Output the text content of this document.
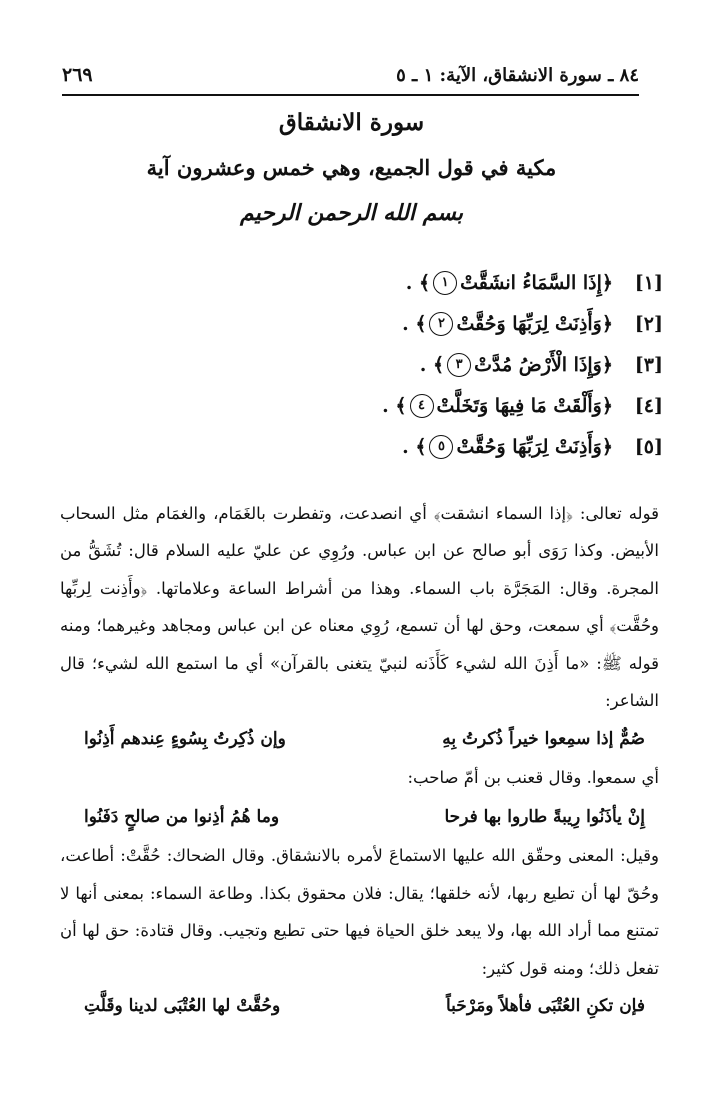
٨٤ ـ سورة الانشقاق، الآية: ١ ـ ٥
٢٦٩
سورة الانشقاق
مكية في قول الجميع، وهي خمس وعشرون آية
بسم الله الرحمن الرحيم
[١]
﴿إِذَا السَّمَاءُ انشَقَّتْ
١
﴾ .
[٢]
﴿وَأَذِنَتْ لِرَبِّهَا وَحُقَّتْ
٢
﴾ .
[٣]
﴿وَإِذَا الْأَرْضُ مُدَّتْ
٣
﴾ .
[٤]
﴿وَأَلْقَتْ مَا فِيهَا وَتَخَلَّتْ
٤
﴾ .
[٥]
﴿وَأَذِنَتْ لِرَبِّهَا وَحُقَّتْ
٥
﴾ .

قوله تعالى: ﴿إذا السماء انشقت﴾ أي انصدعت، وتفطرت بالغَمَام، والغمَام مثل السحاب الأبيض. وكذا رَوَى أبو صالح عن ابن عباس. ورُوِي عن عليّ عليه السلام قال: تُشَقُّ من المجرة. وقال: المَجَرَّة باب السماء. وهذا من أشراط الساعة وعلاماتها. ﴿وأَذِنت لِربِّها وحُقَّت﴾ أي سمعت، وحق لها أن تسمع، رُوِي معناه عن ابن عباس ومجاهد وغيرهما؛ ومنه قوله ﷺ: «ما أَذِنَ الله لشيء كَأَذَنه لنبيّ يتغنى بالقرآن» أي ما استمع الله لشيء؛ قال الشاعر:

صُمٌّ إذا سمِعوا خيراً ذُكرتُ بِهِ
وإن ذُكِرتُ بِسُوءٍ عِندهم أَذِنُوا

أي سمعوا. وقال قعنب بن أمّ صاحب:

إِنْ يأذَنُوا رِيبةً طاروا بها فرحا
وما هُمُ أذِنوا من صالحٍ دَفَنُوا

وقيل: المعنى وحقّق الله عليها الاستماعَ لأمره بالانشقاق. وقال الضحاك: حُقَّتْ: أطاعت، وحُقّ لها أن تطيع ربها، لأنه خلقها؛ يقال: فلان محقوق بكذا. وطاعة السماء: بمعنى أنها لا تمتنع مما أراد الله بها، ولا يبعد خلق الحياة فيها حتى تطيع وتجيب. وقال قتادة: حق لها أن تفعل ذلك؛ ومنه قول كثير:

فإن تكنِ العُتْبَى فأهلاً ومَرْحَباً
وحُقَّتْ لها العُتْبَى لدينا وقَلَّتِ
